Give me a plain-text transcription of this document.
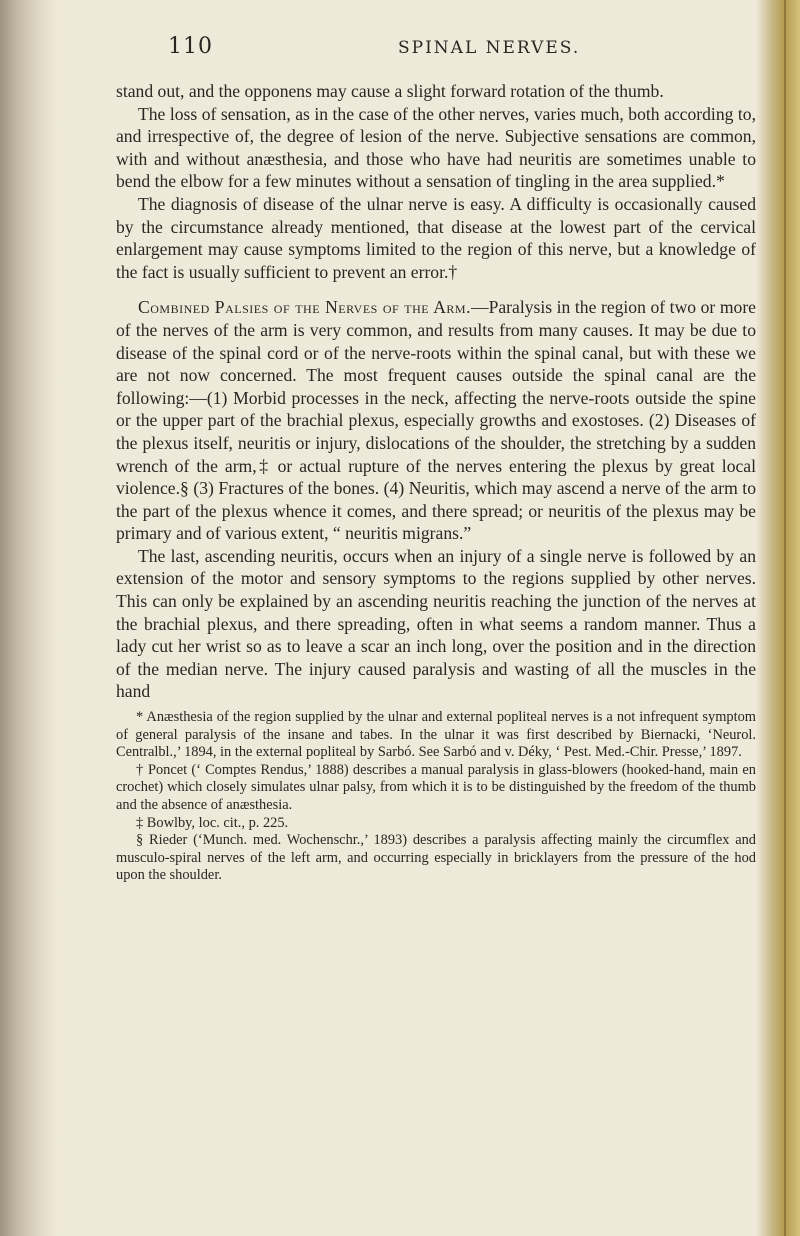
110	SPINAL NERVES.

stand out, and the opponens may cause a slight forward rotation of the thumb.

The loss of sensation, as in the case of the other nerves, varies much, both according to, and irrespective of, the degree of lesion of the nerve. Subjective sensations are common, with and without anæsthesia, and those who have had neuritis are sometimes unable to bend the elbow for a few minutes without a sensation of tingling in the area supplied.*

The diagnosis of disease of the ulnar nerve is easy. A difficulty is occasionally caused by the circumstance already mentioned, that disease at the lowest part of the cervical enlargement may cause symptoms limited to the region of this nerve, but a knowledge of the fact is usually sufficient to prevent an error.†

Combined Palsies of the Nerves of the Arm.—Paralysis in the region of two or more of the nerves of the arm is very common, and results from many causes. It may be due to disease of the spinal cord or of the nerve-roots within the spinal canal, but with these we are not now concerned. The most frequent causes outside the spinal canal are the following:—(1) Morbid processes in the neck, affecting the nerve-roots outside the spine or the upper part of the brachial plexus, especially growths and exostoses. (2) Diseases of the plexus itself, neuritis or injury, dislocations of the shoulder, the stretching by a sudden wrench of the arm,‡ or actual rupture of the nerves entering the plexus by great local violence.§ (3) Fractures of the bones. (4) Neuritis, which may ascend a nerve of the arm to the part of the plexus whence it comes, and there spread; or neuritis of the plexus may be primary and of various extent, “ neuritis migrans.”

The last, ascending neuritis, occurs when an injury of a single nerve is followed by an extension of the motor and sensory symptoms to the regions supplied by other nerves. This can only be explained by an ascending neuritis reaching the junction of the nerves at the brachial plexus, and there spreading, often in what seems a random manner. Thus a lady cut her wrist so as to leave a scar an inch long, over the position and in the direction of the median nerve. The injury caused paralysis and wasting of all the muscles in the hand

* Anæsthesia of the region supplied by the ulnar and external popliteal nerves is a not infrequent symptom of general paralysis of the insane and tabes. In the ulnar it was first described by Biernacki, ‘Neurol. Centralbl.,’ 1894, in the external popliteal by Sarbó. See Sarbó and v. Déky, ‘ Pest. Med.-Chir. Presse,’ 1897.

† Poncet (‘ Comptes Rendus,’ 1888) describes a manual paralysis in glass-blowers (hooked-hand, main en crochet) which closely simulates ulnar palsy, from which it is to be distinguished by the freedom of the thumb and the absence of anæsthesia.

‡ Bowlby, loc. cit., p. 225.

§ Rieder (‘Munch. med. Wochenschr.,’ 1893) describes a paralysis affecting mainly the circumflex and musculo-spiral nerves of the left arm, and occurring especially in bricklayers from the pressure of the hod upon the shoulder.
